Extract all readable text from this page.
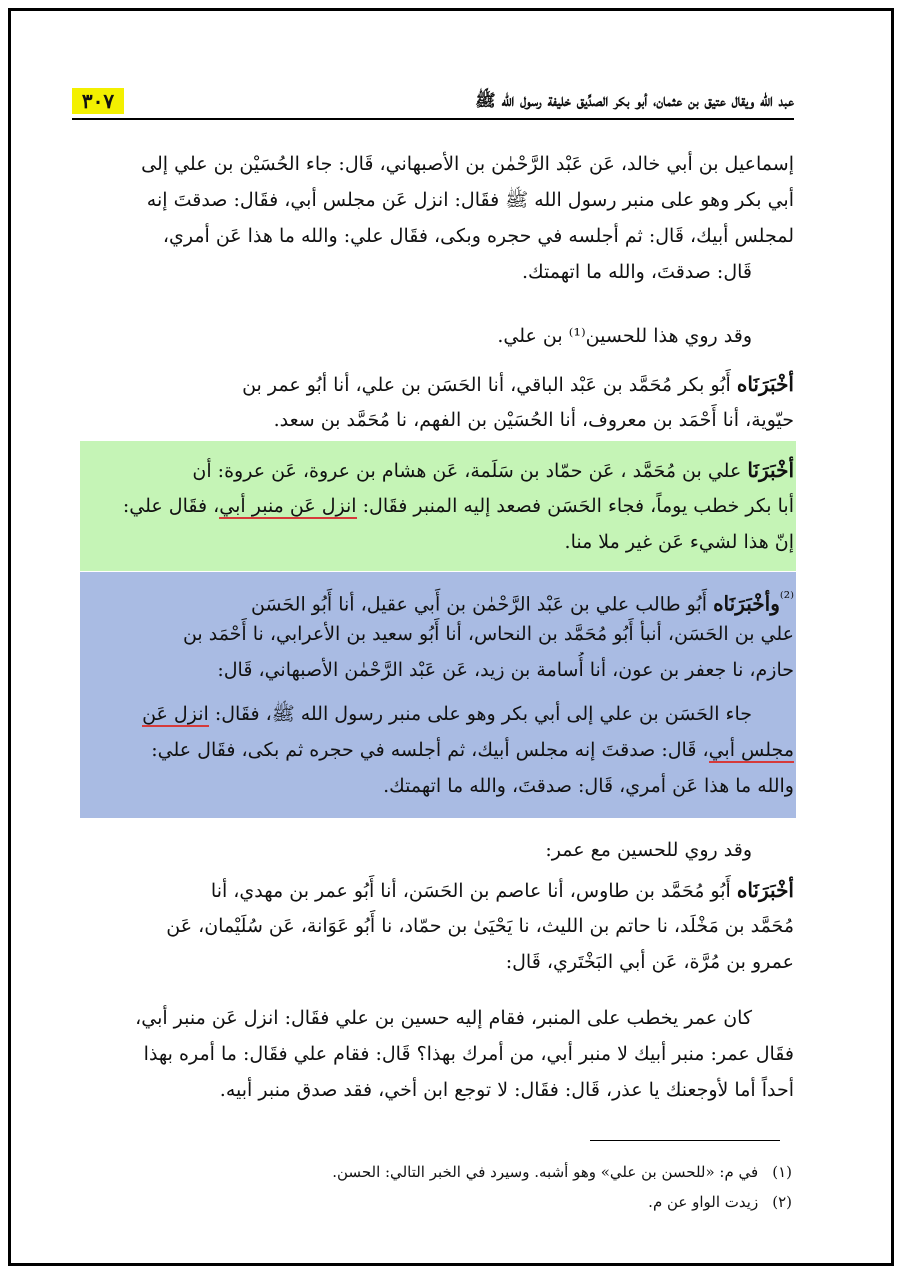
عبد الله ويقال عتيق بن عثمان، أبو بكر الصدِّيق خليفة رسول الله ﷺ
٣٠٧
إسماعيل بن أبي خالد، عَن عَبْد الرَّحْمٰن بن الأصبهاني، قَال: جاء الحُسَيْن بن علي إلى
أبي بكر وهو على منبر رسول الله ﷺ فقَال: انزل عَن مجلس أبي، فقَال: صدقتَ إنه
لمجلس أبيك، قَال: ثم أجلسه في حجره وبكى، فقَال علي: والله ما هذا عَن أمري،
قَال: صدقتَ، والله ما اتهمتك.
وقد روي هذا للحسين⁽¹⁾ بن علي.
أخْبَرَنَاه أَبُو بكر مُحَمَّد بن عَبْد الباقي، أنا الحَسَن بن علي، أنا أبُو عمر بن
حيّوية، أنا أَحْمَد بن معروف، أنا الحُسَيْن بن الفهم، نا مُحَمَّد بن سعد.
أخْبَرَنَا علي بن مُحَمَّد ، عَن حمّاد بن سَلَمة، عَن هشام بن عروة، عَن عروة: أن
أبا بكر خطب يوماً، فجاء الحَسَن فصعد إليه المنبر فقَال: انزل عَن منبر أبي، فقَال علي:
إنّ هذا لشيء عَن غير ملا منا.
$^{^{(2)}}$وأخْبَرَنَاه أَبُو طالب علي بن عَبْد الرَّحْمٰن بن أَبي عقيل، أنا أَبُو الحَسَن
علي بن الحَسَن، أنبأ أَبُو مُحَمَّد بن النحاس، أنا أَبُو سعيد بن الأعرابي، نا أَحْمَد بن
حازم، نا جعفر بن عون، أنا أُسامة بن زيد، عَن عَبْد الرَّحْمٰن الأصبهاني، قَال:
جاء الحَسَن بن علي إلى أبي بكر وهو على منبر رسول الله ﷺ، فقَال: انزل عَن
مجلس أبي، قَال: صدقتَ إنه مجلس أبيك، ثم أجلسه في حجره ثم بكى، فقَال علي:
والله ما هذا عَن أمري، قَال: صدقتَ، والله ما اتهمتك.
وقد روي للحسين مع عمر:
أخْبَرَنَاه أَبُو مُحَمَّد بن طاوس، أنا عاصم بن الحَسَن، أنا أَبُو عمر بن مهدي، أنا
مُحَمَّد بن مَخْلَد، نا حاتم بن الليث، نا يَحْيَىٰ بن حمّاد، نا أَبُو عَوَانة، عَن سُلَيْمان، عَن
عمرو بن مُرَّة، عَن أبي البَخْتَري، قَال:
كان عمر يخطب على المنبر، فقام إليه حسين بن علي فقَال: انزل عَن منبر أبي،
فقَال عمر: منبر أبيك لا منبر أبي، من أمرك بهذا؟ قَال: فقام علي فقَال: ما أمره بهذا
أحداً أما لأوجعنك يا عذر، قَال: فقَال: لا توجع ابن أخي، فقد صدق منبر أبيه.
(١)في م: «للحسن بن علي» وهو أشبه. وسيرد في الخبر التالي: الحسن.
(٢)زيدت الواو عن م.
